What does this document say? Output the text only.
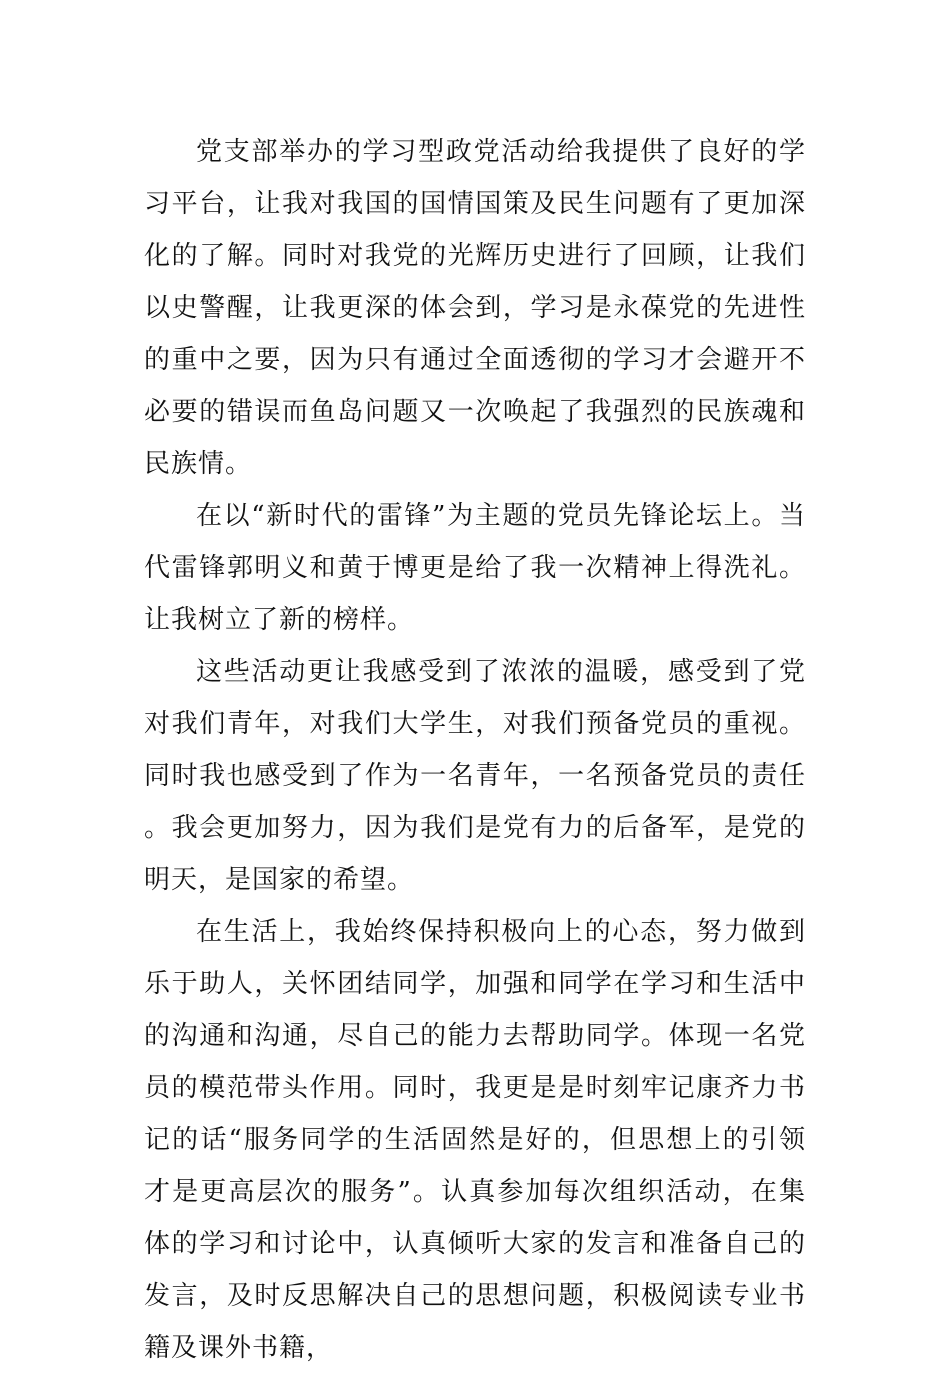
党支部举办的学习型政党活动给我提供了良好的学习平台，让我对我国的国情国策及民生问题有了更加深化的了解。同时对我党的光辉历史进行了回顾，让我们以史警醒，让我更深的体会到，学习是永葆党的先进性的重中之要，因为只有通过全面透彻的学习才会避开不必要的错误而鱼岛问题又一次唤起了我强烈的民族魂和民族情。

在以“新时代的雷锋”为主题的党员先锋论坛上。当代雷锋郭明义和黄于博更是给了我一次精神上得洗礼。让我树立了新的榜样。

这些活动更让我感受到了浓浓的温暖，感受到了党对我们青年，对我们大学生，对我们预备党员的重视。同时我也感受到了作为一名青年，一名预备党员的责任。我会更加努力，因为我们是党有力的后备军，是党的明天，是国家的希望。

在生活上，我始终保持积极向上的心态，努力做到乐于助人，关怀团结同学，加强和同学在学习和生活中的沟通和沟通，尽自己的能力去帮助同学。体现一名党员的模范带头作用。同时，我更是是时刻牢记康齐力书记的话“服务同学的生活固然是好的，但思想上的引领才是更高层次的服务”。认真参加每次组织活动，在集体的学习和讨论中，认真倾听大家的发言和准备自己的发言，及时反思解决自己的思想问题，积极阅读专业书籍及课外书籍，
